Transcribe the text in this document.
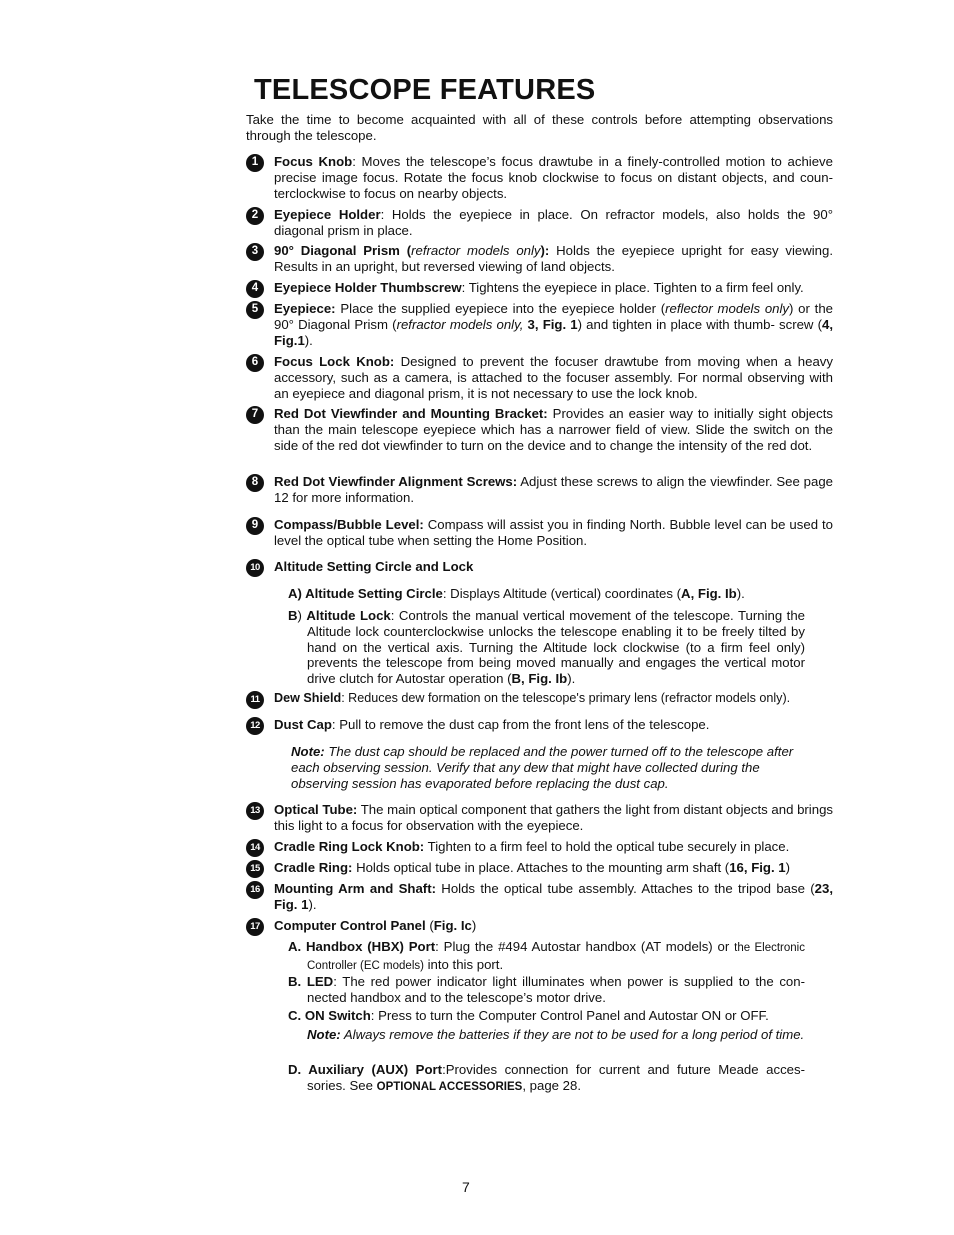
TELESCOPE FEATURES

Take the time to become acquainted with all of these controls before attempting observations through the telescope.

1	Focus Knob: Moves the telescope’s focus drawtube in a finely-controlled motion to achieve precise image focus. Rotate the focus knob clockwise to focus on distant objects, and coun- terclockwise to focus on nearby objects.
2	Eyepiece Holder: Holds the eyepiece in place. On refractor models, also holds the 90° diagonal prism in place.
3	90° Diagonal Prism (refractor models only): Holds the eyepiece upright for easy viewing. Results in an upright, but reversed viewing of land objects.
4	Eyepiece Holder Thumbscrew: Tightens the eyepiece in place. Tighten to a firm feel only.
5	Eyepiece: Place the supplied eyepiece into the eyepiece holder (reflector models only) or the 90° Diagonal Prism (refractor models only, 3, Fig. 1) and tighten in place with thumb- screw (4, Fig.1).
6	Focus Lock Knob: Designed to prevent the focuser drawtube from moving when a heavy accessory, such as a camera, is attached to the focuser assembly. For normal observing with an eyepiece and diagonal prism, it is not necessary to use the lock knob.
7	Red Dot Viewfinder and Mounting Bracket: Provides an easier way to initially sight objects than the main telescope eyepiece which has a narrower field of view. Slide the switch on the side of the red dot viewfinder to turn on the device and to change the intensity of the red dot.
8	Red Dot Viewfinder Alignment Screws: Adjust these screws to align the viewfinder. See page 12 for more information.
9	Compass/Bubble Level: Compass will assist you in finding North. Bubble level can be used to level the optical tube when setting the Home Position.
10	Altitude Setting Circle and Lock
A) Altitude Setting Circle: Displays Altitude (vertical) coordinates (A, Fig. Ib).
B) Altitude Lock: Controls the manual vertical movement of the telescope. Turning the Altitude lock counterclockwise unlocks the telescope enabling it to be freely tilted by hand on the vertical axis. Turning the Altitude lock clockwise (to a firm feel only) prevents the telescope from being moved manually and engages the vertical motor drive clutch for Autostar operation (B, Fig. Ib).
11	Dew Shield: Reduces dew formation on the telescope's primary lens (refractor models only).
12	Dust Cap: Pull to remove the dust cap from the front lens of the telescope.
Note: The dust cap should be replaced and the power turned off to the telescope after each observing session. Verify that any dew that might have collected during the observing session has evaporated before replacing the dust cap.
13	Optical Tube: The main optical component that gathers the light from distant objects and brings this light to a focus for observation with the eyepiece.
14	Cradle Ring Lock Knob: Tighten to a firm feel to hold the optical tube securely in place.
15	Cradle Ring: Holds optical tube in place. Attaches to the mounting arm shaft (16, Fig. 1)
16	Mounting Arm and Shaft: Holds the optical tube assembly. Attaches to the tripod base (23, Fig. 1).
17	Computer Control Panel (Fig. Ic)
A. Handbox (HBX) Port: Plug the #494 Autostar handbox (AT models) or the Electronic Controller (EC models) into this port.
B. LED: The red power indicator light illuminates when power is supplied to the con- nected handbox and to the telescope’s motor drive.
C. ON Switch: Press to turn the Computer Control Panel and Autostar ON or OFF.
Note: Always remove the batteries if they are not to be used for a long period of time.
D. Auxiliary (AUX) Port:Provides connection for current and future Meade acces- sories. See OPTIONAL ACCESSORIES, page 28.
7
